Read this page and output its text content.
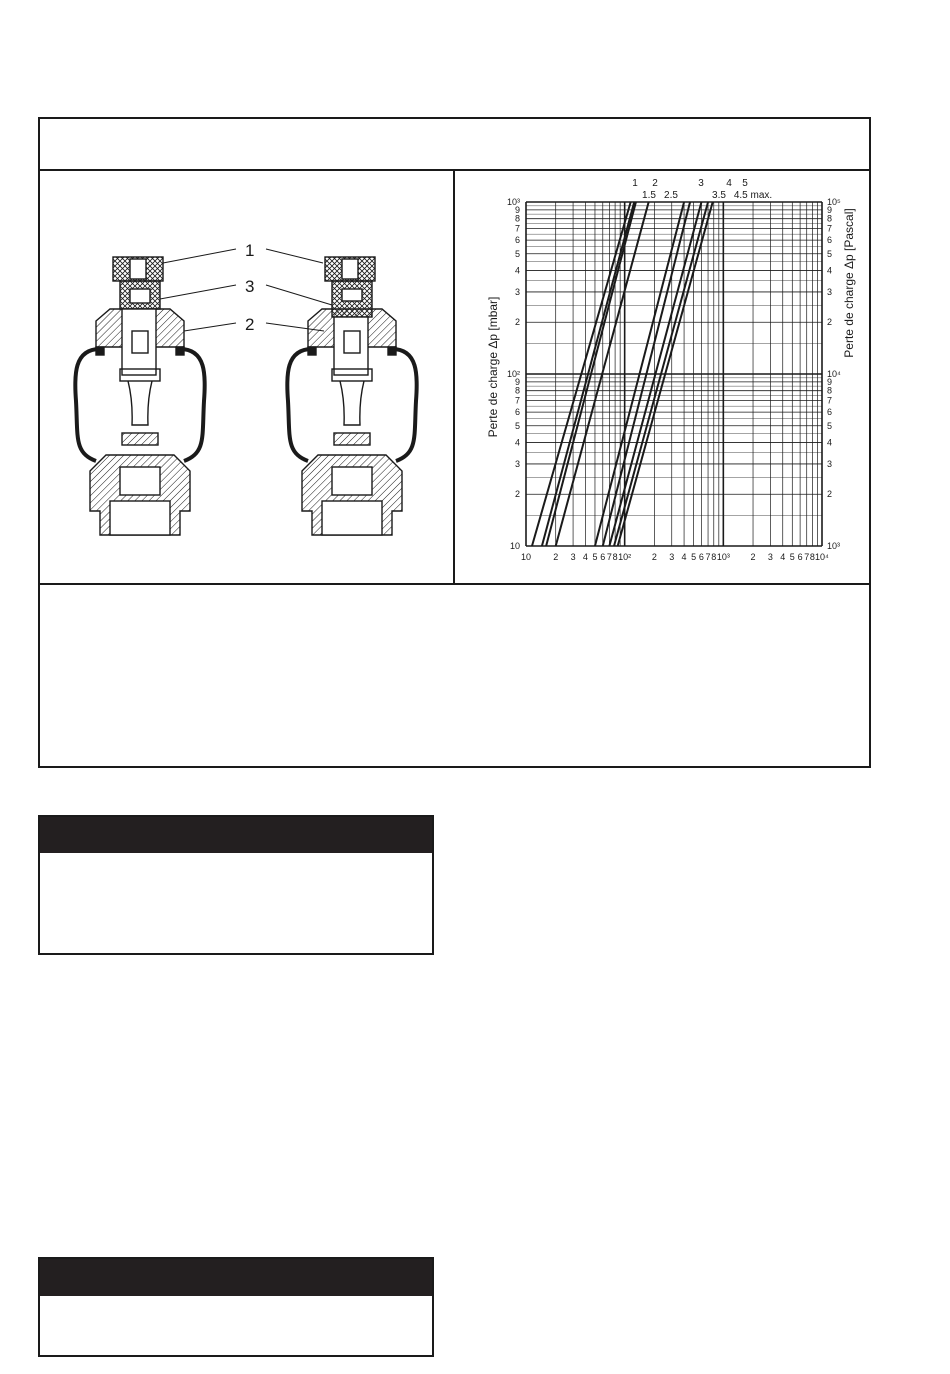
1
3
2
10 2 3 4 5 6 7 8 10² 2 3 4 5 6 7 8 10³ 2 3 4 5 6 7 8 10⁴
10	10³
2	2
3	3
4	4
5	5
6	6
7	7
8	8
9	9
10²	10⁴
2	2
3	3
4	4
5	5
6	6
7	7
8	8
9	9
10³	10⁵
1 2	3 4 5
1.5 2.5	3.5 4.5 max.
Perte de charge Δp [mbar]
Perte de charge Δp [Pascal]
